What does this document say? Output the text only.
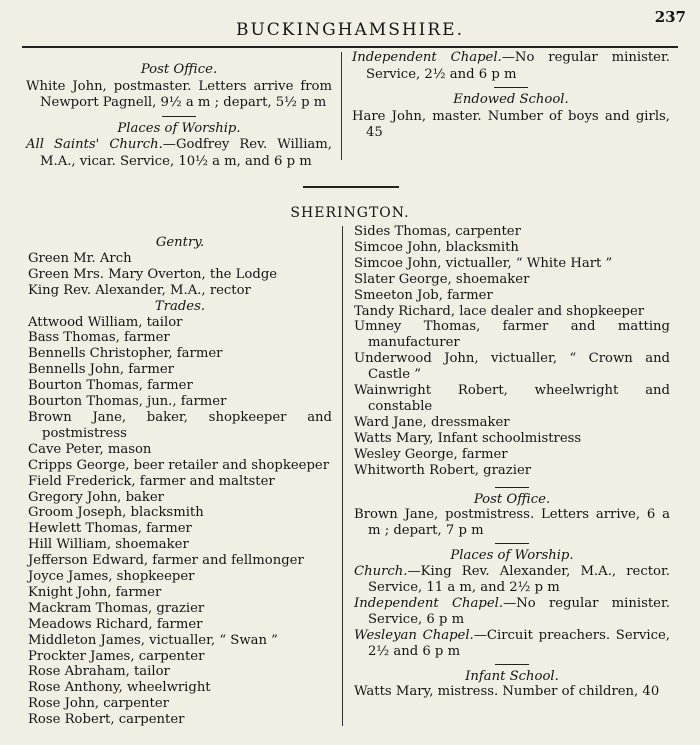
BUCKINGHAMSHIRE.
237

Post Office.

White John, postmaster. Letters arrive from Newport Pagnell, 9½ a m ; depart, 5½ p m

Places of Worship.

All Saints' Church.—Godfrey Rev. William, M.A., vicar. Service, 10½ a m, and 6 p m

Independent Chapel.—No regular minister. Service, 2½ and 6 p m

Endowed School.

Hare John, master. Number of boys and girls, 45

SHERINGTON.

Gentry.

Green Mr. Arch

Green Mrs. Mary Overton, the Lodge

King Rev. Alexander, M.A., rector

Trades.

Attwood William, tailor

Bass Thomas, farmer

Bennells Christopher, farmer

Bennells John, farmer

Bourton Thomas, farmer

Bourton Thomas, jun., farmer

Brown Jane, baker, shopkeeper and postmistress

Cave Peter, mason

Cripps George, beer retailer and shopkeeper

Field Frederick, farmer and maltster

Gregory John, baker

Groom Joseph, blacksmith

Hewlett Thomas, farmer

Hill William, shoemaker

Jefferson Edward, farmer and fellmonger

Joyce James, shopkeeper

Knight John, farmer

Mackram Thomas, grazier

Meadows Richard, farmer

Middleton James, victualler, “ Swan ”

Prockter James, carpenter

Rose Abraham, tailor

Rose Anthony, wheelwright

Rose John, carpenter

Rose Robert, carpenter

Sides Thomas, carpenter

Simcoe John, blacksmith

Simcoe John, victualler, “ White Hart ”

Slater George, shoemaker

Smeeton Job, farmer

Tandy Richard, lace dealer and shopkeeper

Umney Thomas, farmer and matting manufacturer

Underwood John, victualler, “ Crown and Castle ”

Wainwright Robert, wheelwright and constable

Ward Jane, dressmaker

Watts Mary, Infant schoolmistress

Wesley George, farmer

Whitworth Robert, grazier

Post Office.

Brown Jane, postmistress. Letters arrive, 6 a m ; depart, 7 p m

Places of Worship.

Church.—King Rev. Alexander, M.A., rector. Service, 11 a m, and 2½ p m

Independent Chapel.—No regular minister. Service, 6 p m

Wesleyan Chapel.—Circuit preachers. Service, 2½ and 6 p m

Infant School.

Watts Mary, mistress. Number of children, 40
